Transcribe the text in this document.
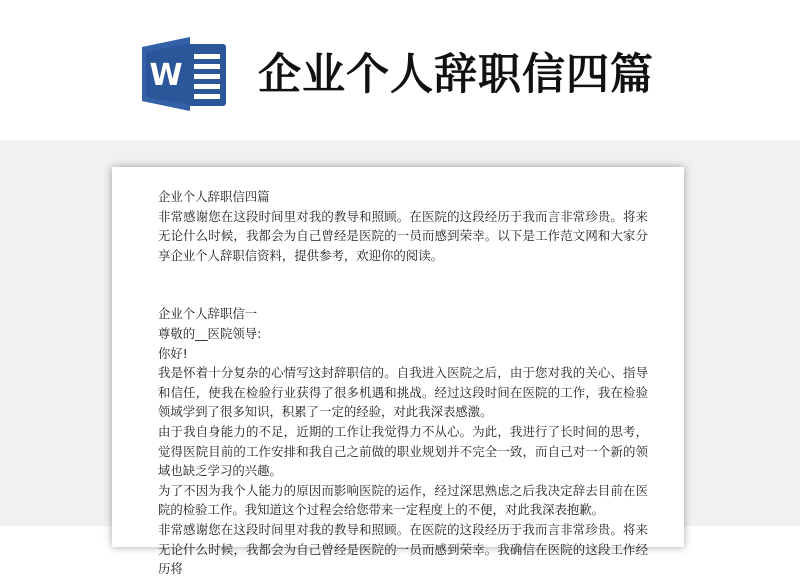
W 企业个人辞职信四篇

企业个人辞职信四篇

非常感谢您在这段时间里对我的教导和照顾。在医院的这段经历于我而言非常珍贵。将来无论什么时候，我都会为自己曾经是医院的一员而感到荣幸。以下是工作范文网和大家分享企业个人辞职信资料，提供参考，欢迎你的阅读。

企业个人辞职信一

尊敬的__医院领导:

你好!

我是怀着十分复杂的心情写这封辞职信的。自我进入医院之后，由于您对我的关心、指导和信任，使我在检验行业获得了很多机遇和挑战。经过这段时间在医院的工作，我在检验领域学到了很多知识，积累了一定的经验，对此我深表感激。

由于我自身能力的不足，近期的工作让我觉得力不从心。为此，我进行了长时间的思考，觉得医院目前的工作安排和我自己之前做的职业规划并不完全一致，而自己对一个新的领域也缺乏学习的兴趣。

为了不因为我个人能力的原因而影响医院的运作，经过深思熟虑之后我决定辞去目前在医院的检验工作。我知道这个过程会给您带来一定程度上的不便，对此我深表抱歉。

非常感谢您在这段时间里对我的教导和照顾。在医院的这段经历于我而言非常珍贵。将来无论什么时候，我都会为自己曾经是医院的一员而感到荣幸。我确信在医院的这段工作经历将
